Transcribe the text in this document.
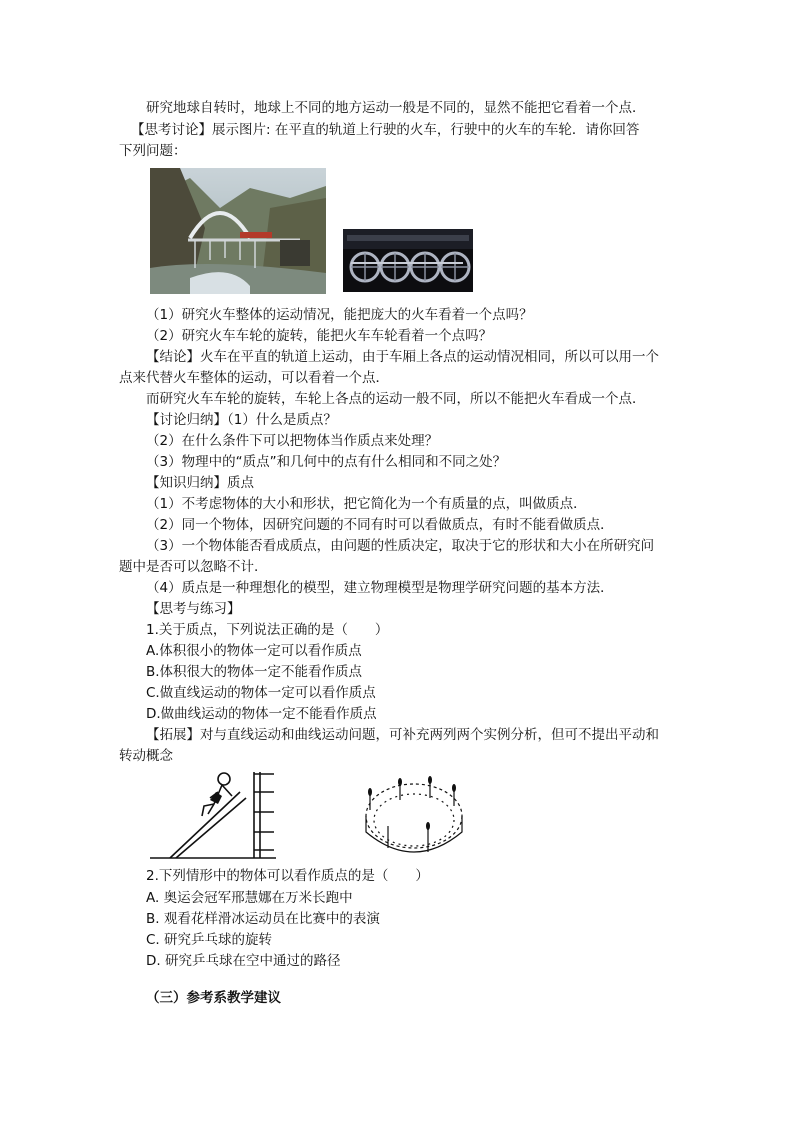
研究地球自转时，地球上不同的地方运动一般是不同的，显然不能把它看着一个点．
【思考讨论】展示图片: 在平直的轨道上行驶的火车，行驶中的火车的车轮．请你回答
下列问题：
（1）研究火车整体的运动情况，能把庞大的火车看着一个点吗？
（2）研究火车车轮的旋转，能把火车车轮看着一个点吗？
【结论】火车在平直的轨道上运动，由于车厢上各点的运动情况相同，所以可以用一个
点来代替火车整体的运动，可以看着一个点．
而研究火车车轮的旋转，车轮上各点的运动一般不同，所以不能把火车看成一个点．
【讨论归纳】（1）什么是质点？
（2）在什么条件下可以把物体当作质点来处理？
（3）物理中的“质点”和几何中的点有什么相同和不同之处？
【知识归纳】质点
（1）不考虑物体的大小和形状，把它简化为一个有质量的点，叫做质点．
（2）同一个物体，因研究问题的不同有时可以看做质点，有时不能看做质点．
（3）一个物体能否看成质点，由问题的性质决定，取决于它的形状和大小在所研究问
题中是否可以忽略不计.
（4）质点是一种理想化的模型，建立物理模型是物理学研究问题的基本方法．
【思考与练习】
1.关于质点，下列说法正确的是（　　）
A.体积很小的物体一定可以看作质点
B.体积很大的物体一定不能看作质点
C.做直线运动的物体一定可以看作质点
D.做曲线运动的物体一定不能看作质点
【拓展】对与直线运动和曲线运动问题，可补充两列两个实例分析，但可不提出平动和
转动概念
2.下列情形中的物体可以看作质点的是（　　）
A. 奥运会冠军邢慧娜在万米长跑中
B. 观看花样滑冰运动员在比赛中的表演
C. 研究乒乓球的旋转
D. 研究乒乓球在空中通过的路径
（三）参考系教学建议
